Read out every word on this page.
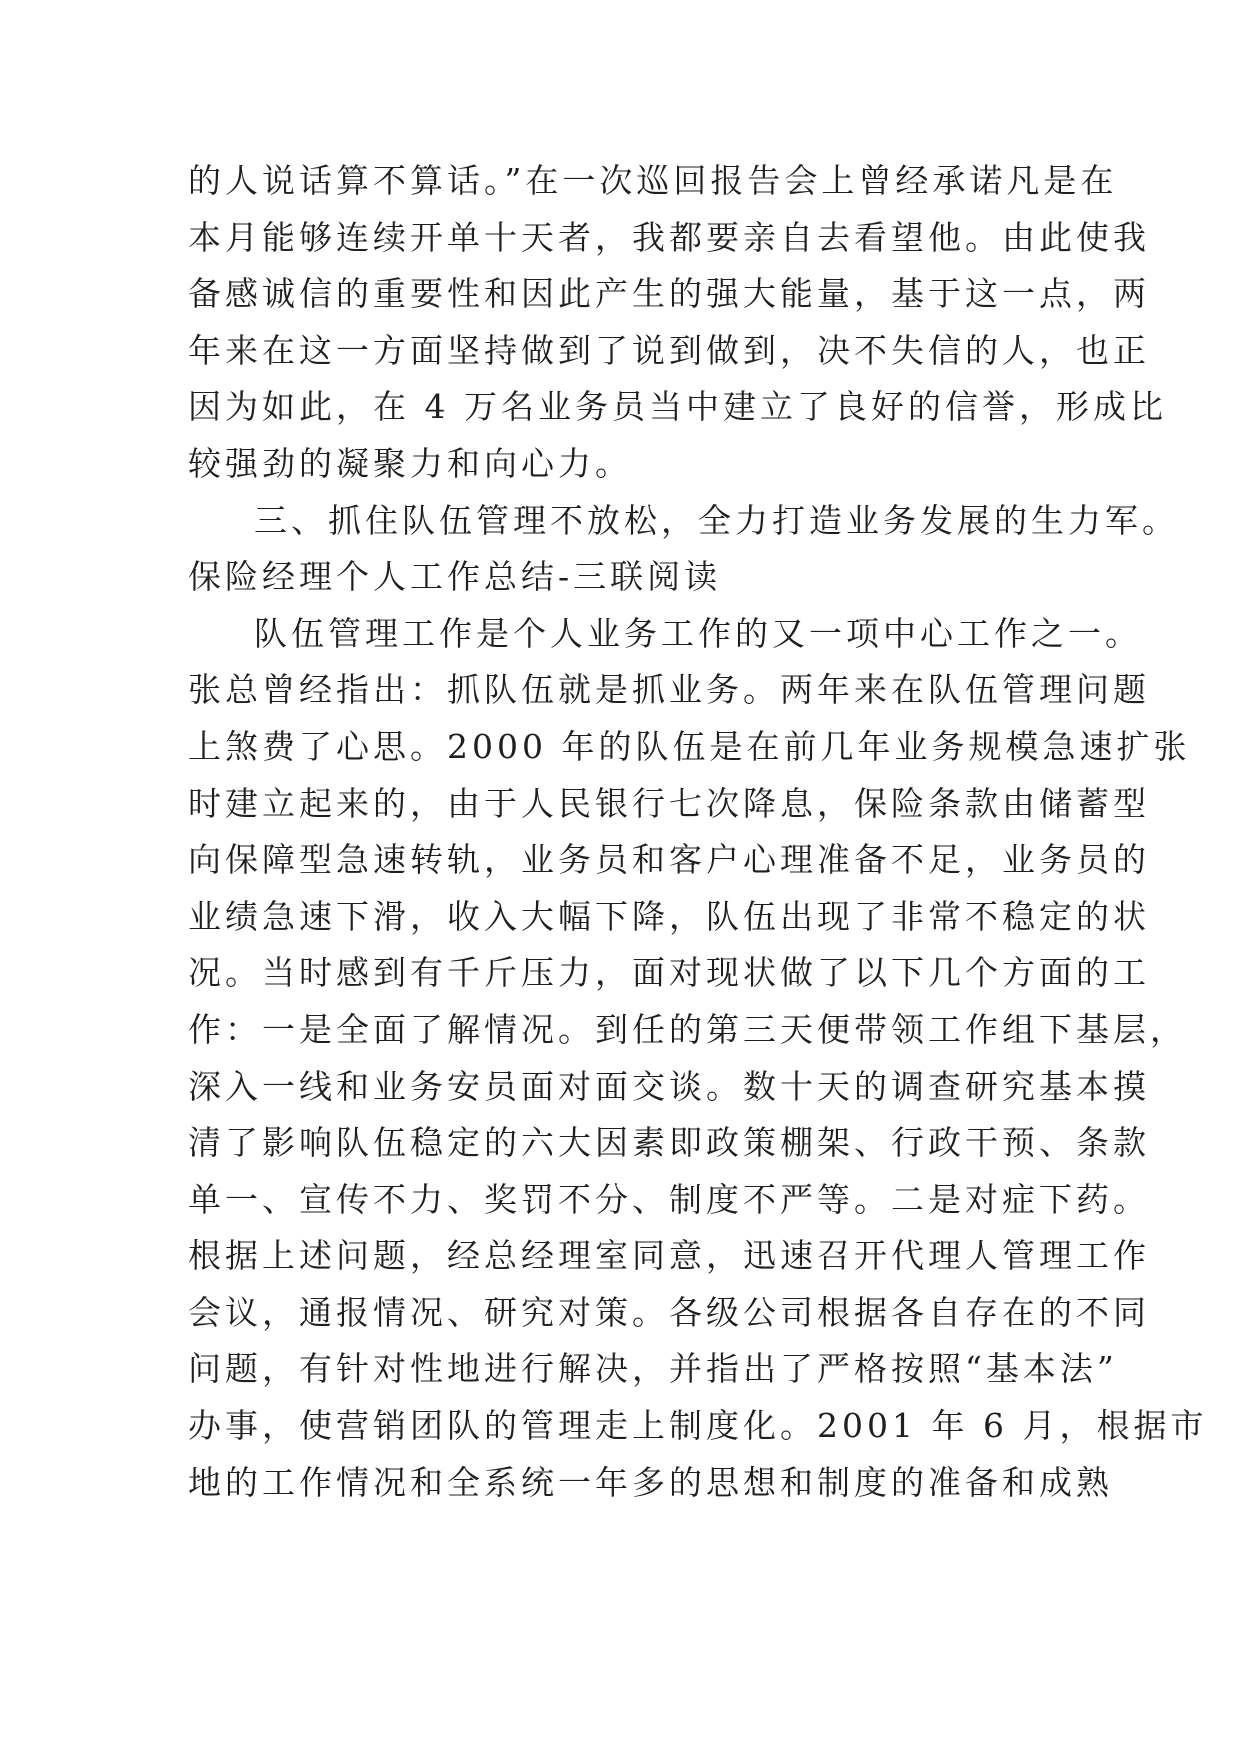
的人说话算不算话。”在一次巡回报告会上曾经承诺凡是在
本月能够连续开单十天者，我都要亲自去看望他。由此使我
备感诚信的重要性和因此产生的强大能量，基于这一点，两
年来在这一方面坚持做到了说到做到，决不失信的人，也正
因为如此，在 4 万名业务员当中建立了良好的信誉，形成比
较强劲的凝聚力和向心力。
三、抓住队伍管理不放松，全力打造业务发展的生力军。
保险经理个人工作总结-三联阅读
队伍管理工作是个人业务工作的又一项中心工作之一。
张总曾经指出：抓队伍就是抓业务。两年来在队伍管理问题
上煞费了心思。2000 年的队伍是在前几年业务规模急速扩张
时建立起来的，由于人民银行七次降息，保险条款由储蓄型
向保障型急速转轨，业务员和客户心理准备不足，业务员的
业绩急速下滑，收入大幅下降，队伍出现了非常不稳定的状
况。当时感到有千斤压力，面对现状做了以下几个方面的工
作：一是全面了解情况。到任的第三天便带领工作组下基层，
深入一线和业务安员面对面交谈。数十天的调查研究基本摸
清了影响队伍稳定的六大因素即政策棚架、行政干预、条款
单一、宣传不力、奖罚不分、制度不严等。二是对症下药。
根据上述问题，经总经理室同意，迅速召开代理人管理工作
会议，通报情况、研究对策。各级公司根据各自存在的不同
问题，有针对性地进行解决，并指出了严格按照“基本法”
办事，使营销团队的管理走上制度化。2001 年 6 月，根据市
地的工作情况和全系统一年多的思想和制度的准备和成熟
